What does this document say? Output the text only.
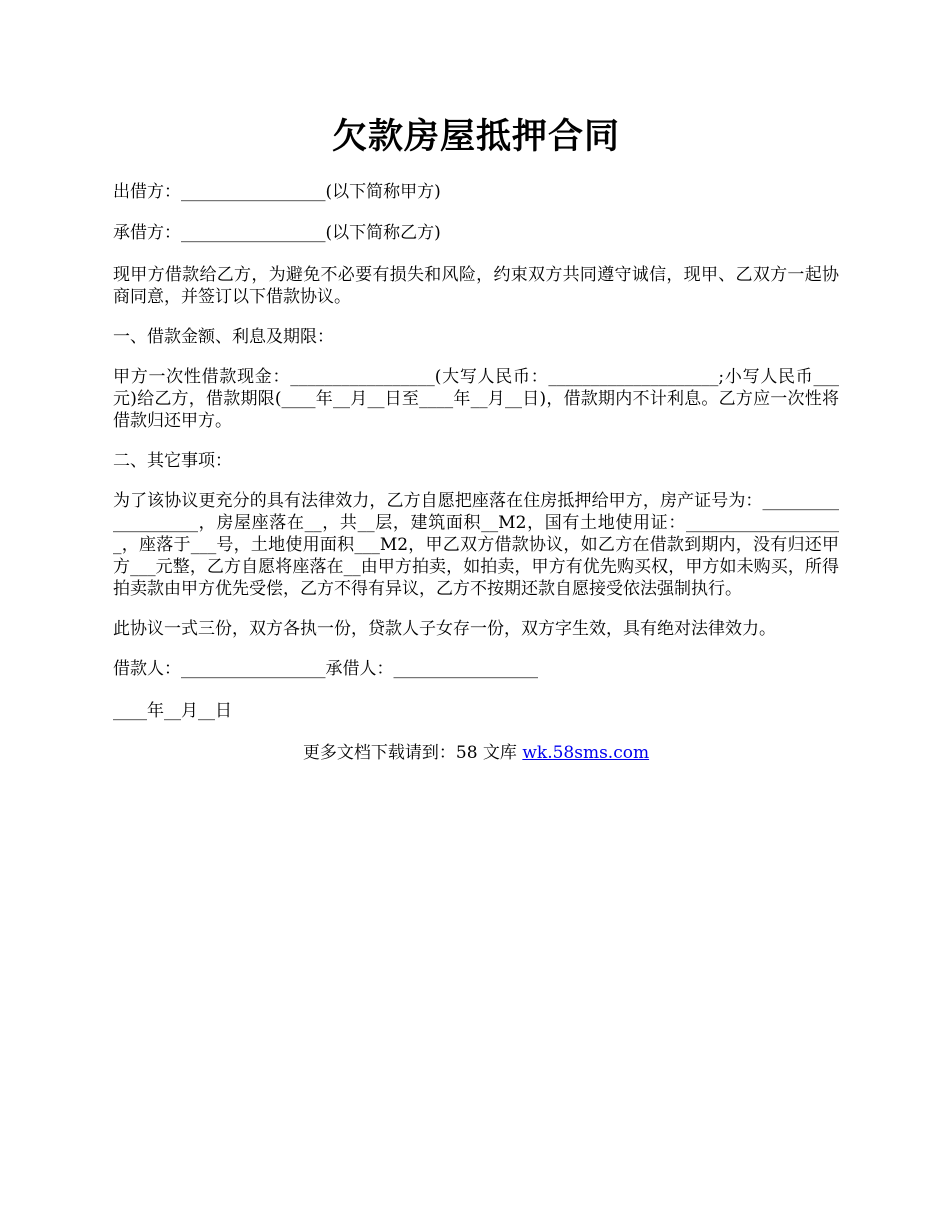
欠款房屋抵押合同

出借方：_________________(以下简称甲方)

承借方：_________________(以下简称乙方)

现甲方借款给乙方，为避免不必要有损失和风险，约束双方共同遵守诚信，现甲、乙双方一起协商同意，并签订以下借款协议。

一、借款金额、利息及期限：

甲方一次性借款现金：_________________(大写人民币：____________________;小写人民币___元)给乙方，借款期限(____年__月__日至____年__月__日)，借款期内不计利息。乙方应一次性将借款归还甲方。

二、其它事项：

为了该协议更充分的具有法律效力，乙方自愿把座落在住房抵押给甲方，房产证号为：___________________，房屋座落在__，共__层，建筑面积__M2，国有土地使用证：___________________，座落于___号，土地使用面积___M2，甲乙双方借款协议，如乙方在借款到期内，没有归还甲方___元整，乙方自愿将座落在__由甲方拍卖，如拍卖，甲方有优先购买权，甲方如未购买，所得拍卖款由甲方优先受偿，乙方不得有异议，乙方不按期还款自愿接受依法强制执行。

此协议一式三份，双方各执一份，贷款人子女存一份，双方字生效，具有绝对法律效力。

借款人：_________________承借人：_________________

____年__月__日

更多文档下载请到：58 文库 wk.58sms.com
